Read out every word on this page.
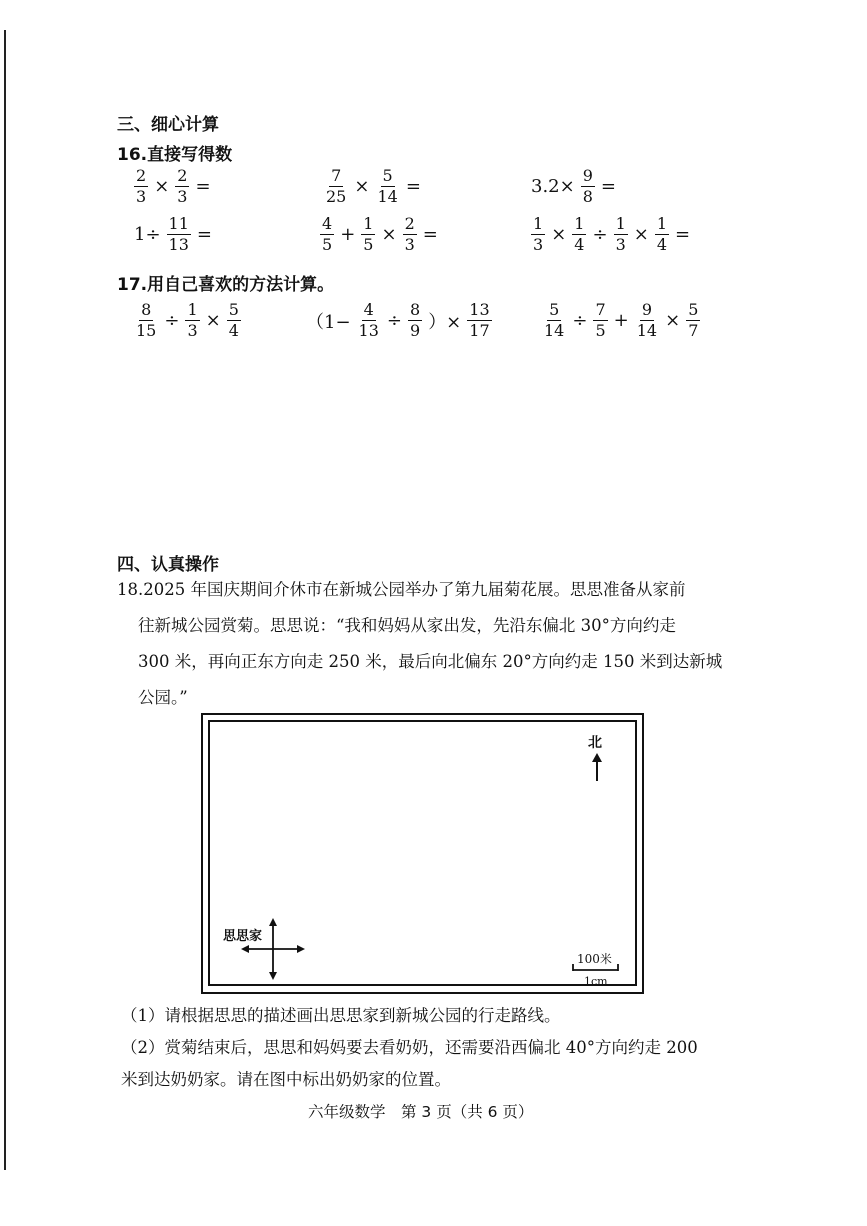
三、细心计算
16.直接写得数
$\frac{2}{3} \times \frac{2}{3}$ =	$\frac{7}{25} \times \frac{5}{14}$ =	$3.2\times \frac{9}{8}$ =
$1\div \frac{11}{13}$ =	$\frac{4}{5} + \frac{1}{5} \times \frac{2}{3}$ =	$\frac{1}{3} \times \frac{1}{4} \div \frac{1}{3} \times \frac{1}{4}$ =
17.用自己喜欢的方法计算。
$\frac{8}{15} \div \frac{1}{3} \times \frac{5}{4}$	（$1- \frac{4}{13} \div \frac{8}{9}$ ）× $\frac{13}{17}$	$\frac{5}{14} \div \frac{7}{5} + \frac{9}{14} \times \frac{5}{7}$
四、认真操作
18.2025 年国庆期间介休市在新城公园举办了第九届菊花展。思思准备从家前
往新城公园赏菊。思思说：“我和妈妈从家出发，先沿东偏北 30°方向约走
300 米，再向正东方向走 250 米，最后向北偏东 20°方向约走 150 米到达新城
公园。”
北
思思家
100米
1cm
（1）请根据思思的描述画出思思家到新城公园的行走路线。
（2）赏菊结束后，思思和妈妈要去看奶奶，还需要沿西偏北 40°方向约走 200
米到达奶奶家。请在图中标出奶奶家的位置。
六年级数学　第 3 页（共 6 页）
